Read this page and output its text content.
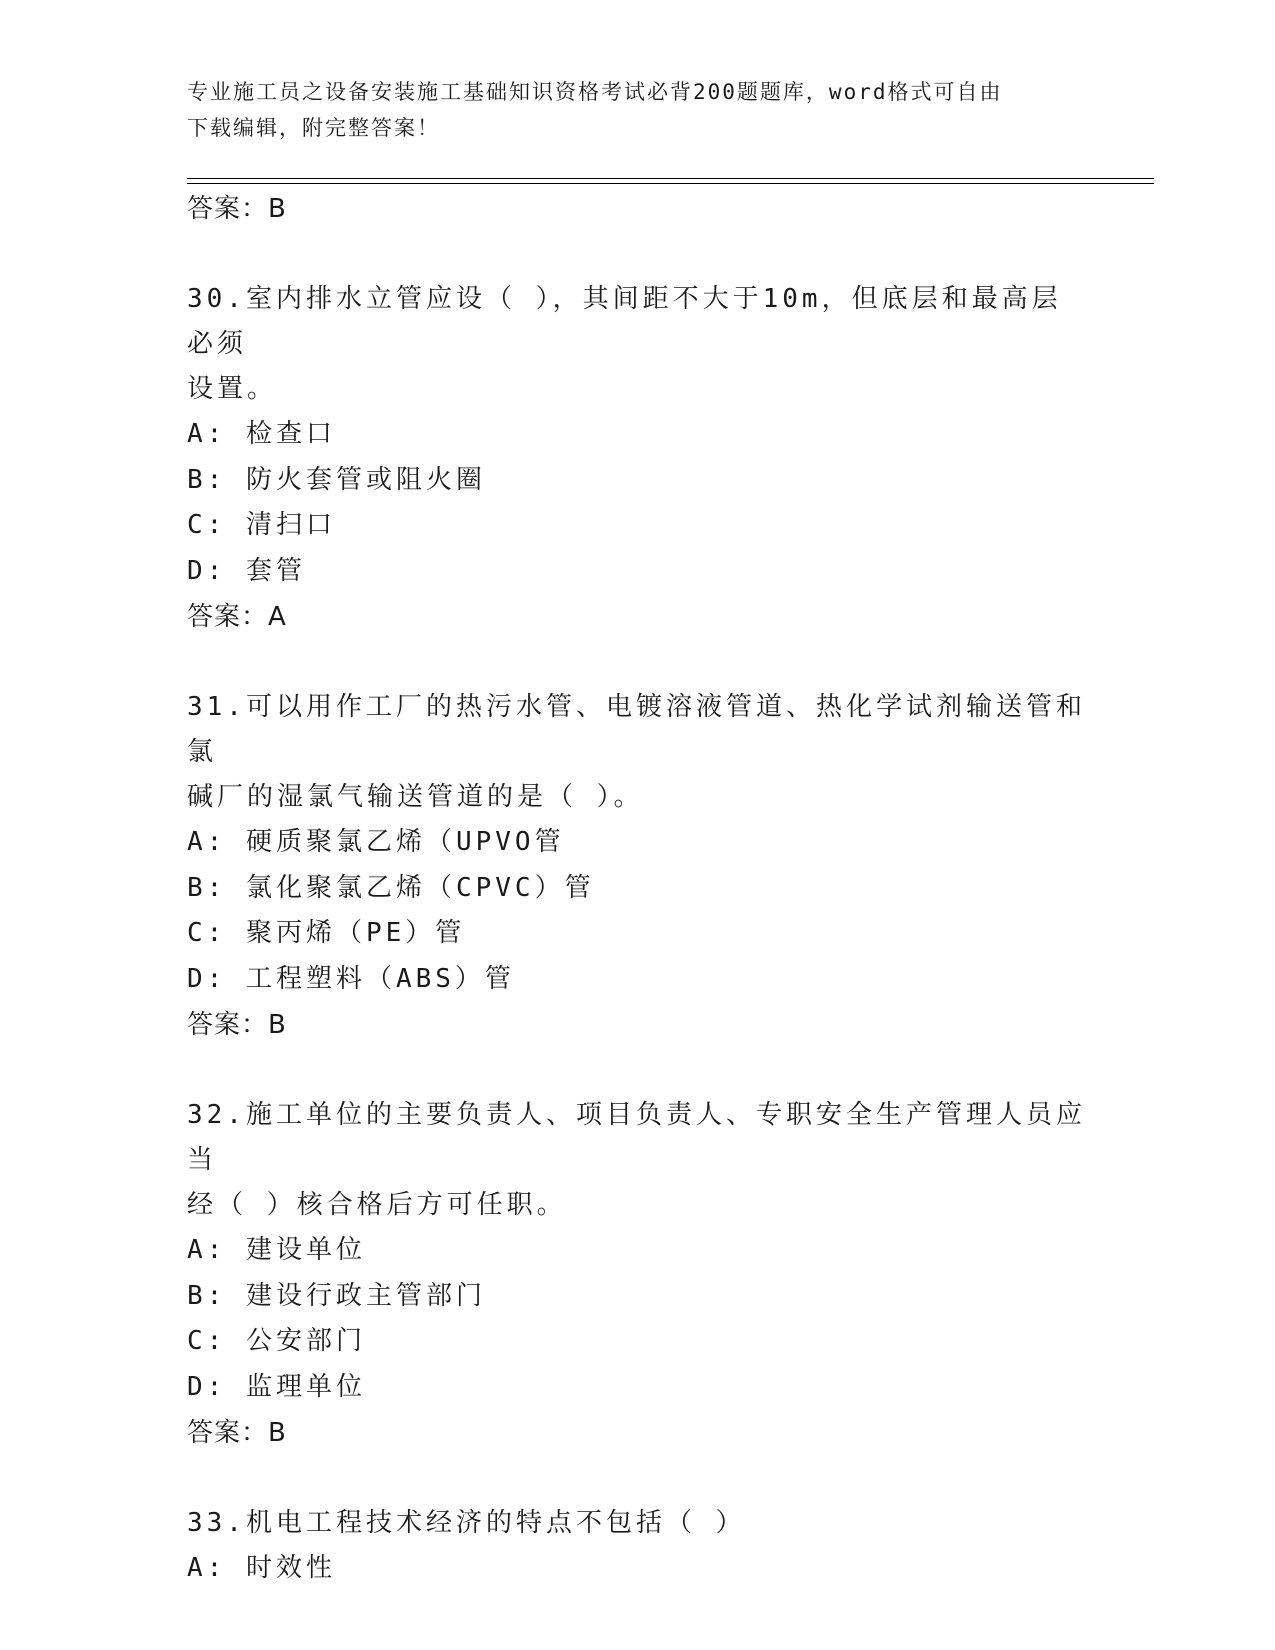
专业施工员之设备安装施工基础知识资格考试必背200题题库，word格式可自由
下载编辑，附完整答案！
答案：B
30.室内排水立管应设（ ），其间距不大于10m，但底层和最高层必须
设置。
A: 检查口
B: 防火套管或阻火圈
C: 清扫口
D: 套管
答案：A
31.可以用作工厂的热污水管、电镀溶液管道、热化学试剂输送管和氯
碱厂的湿氯气输送管道的是（ ）。
A: 硬质聚氯乙烯（UPVO管
B: 氯化聚氯乙烯（CPVC）管
C: 聚丙烯（PE）管
D: 工程塑料（ABS）管
答案：B
32.施工单位的主要负责人、项目负责人、专职安全生产管理人员应当
经（ ）核合格后方可任职。
A: 建设单位
B: 建设行政主管部门
C: 公安部门
D: 监理单位
答案：B
33.机电工程技术经济的特点不包括（ ）
A: 时效性
